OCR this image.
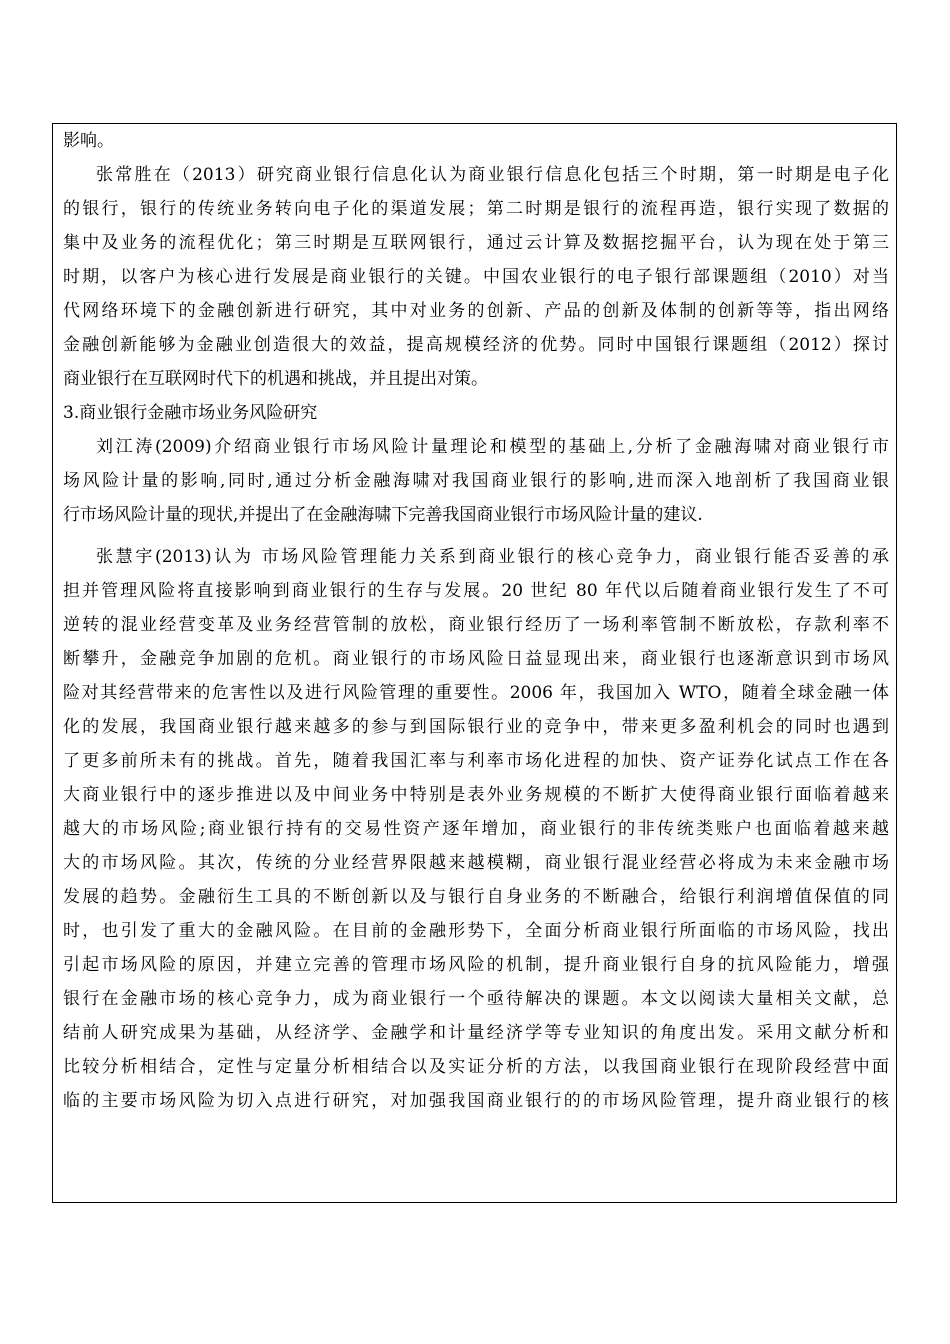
影响。
张常胜在（2013）研究商业银行信息化认为商业银行信息化包括三个时期，第一时期是电子化
的银行，银行的传统业务转向电子化的渠道发展；第二时期是银行的流程再造，银行实现了数据的
集中及业务的流程优化；第三时期是互联网银行，通过云计算及数据挖掘平台，认为现在处于第三
时期，以客户为核心进行发展是商业银行的关键。中国农业银行的电子银行部课题组（2010）对当
代网络环境下的金融创新进行研究，其中对业务的创新、产品的创新及体制的创新等等，指出网络
金融创新能够为金融业创造很大的效益，提高规模经济的优势。同时中国银行课题组（2012）探讨
商业银行在互联网时代下的机遇和挑战，并且提出对策。
3.商业银行金融市场业务风险研究
刘江涛(2009)介绍商业银行市场风险计量理论和模型的基础上,分析了金融海啸对商业银行市
场风险计量的影响,同时,通过分析金融海啸对我国商业银行的影响,进而深入地剖析了我国商业银
行市场风险计量的现状,并提出了在金融海啸下完善我国商业银行市场风险计量的建议.
张慧宇(2013)认为 市场风险管理能力关系到商业银行的核心竞争力，商业银行能否妥善的承
担并管理风险将直接影响到商业银行的生存与发展。20 世纪 80 年代以后随着商业银行发生了不可
逆转的混业经营变革及业务经营管制的放松，商业银行经历了一场利率管制不断放松，存款利率不
断攀升，金融竞争加剧的危机。商业银行的市场风险日益显现出来，商业银行也逐渐意识到市场风
险对其经营带来的危害性以及进行风险管理的重要性。2006 年，我国加入 WTO，随着全球金融一体
化的发展，我国商业银行越来越多的参与到国际银行业的竞争中，带来更多盈利机会的同时也遇到
了更多前所未有的挑战。首先，随着我国汇率与利率市场化进程的加快、资产证券化试点工作在各
大商业银行中的逐步推进以及中间业务中特别是表外业务规模的不断扩大使得商业银行面临着越来
越大的市场风险;商业银行持有的交易性资产逐年增加，商业银行的非传统类账户也面临着越来越
大的市场风险。其次，传统的分业经营界限越来越模糊，商业银行混业经营必将成为未来金融市场
发展的趋势。金融衍生工具的不断创新以及与银行自身业务的不断融合，给银行利润增值保值的同
时，也引发了重大的金融风险。在目前的金融形势下，全面分析商业银行所面临的市场风险，找出
引起市场风险的原因，并建立完善的管理市场风险的机制，提升商业银行自身的抗风险能力，增强
银行在金融市场的核心竞争力，成为商业银行一个亟待解决的课题。本文以阅读大量相关文献，总
结前人研究成果为基础，从经济学、金融学和计量经济学等专业知识的角度出发。采用文献分析和
比较分析相结合，定性与定量分析相结合以及实证分析的方法，以我国商业银行在现阶段经营中面
临的主要市场风险为切入点进行研究，对加强我国商业银行的的市场风险管理，提升商业银行的核
